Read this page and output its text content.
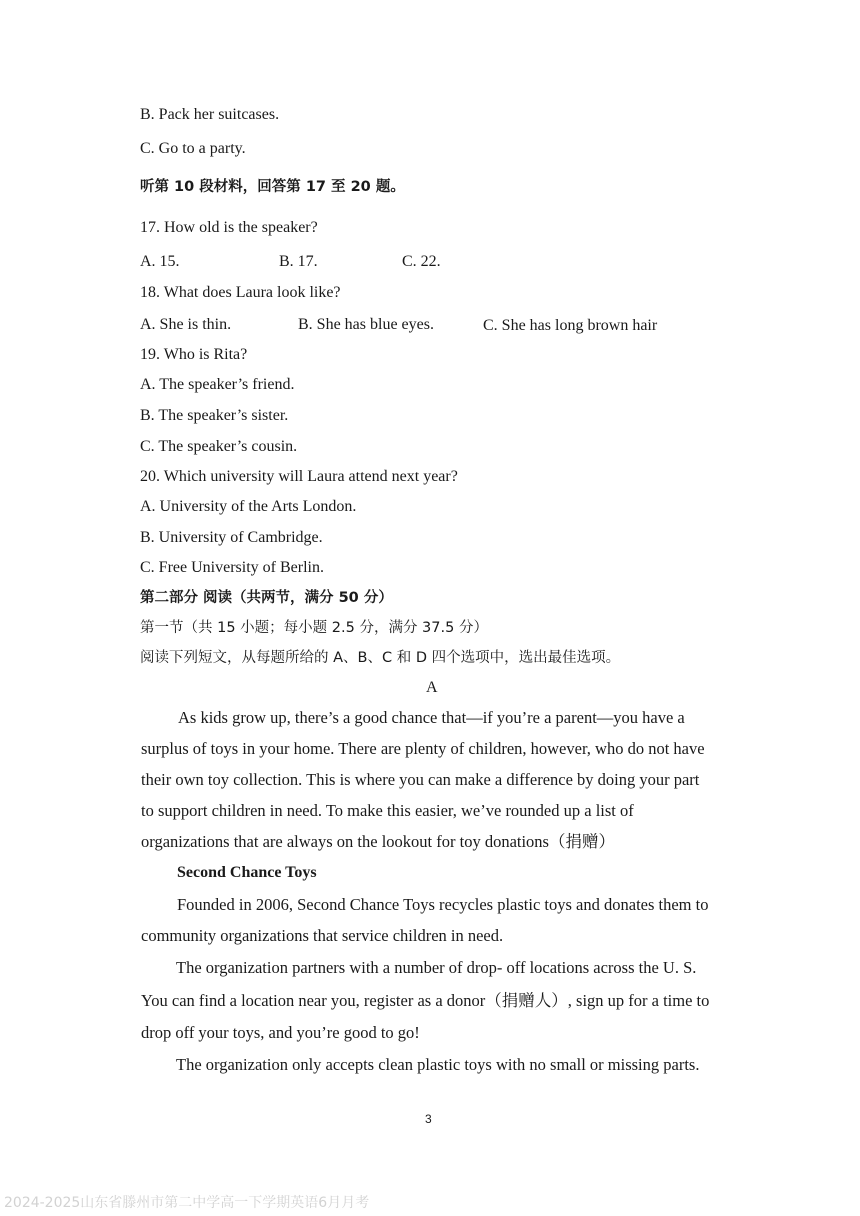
B. Pack her suitcases.
C. Go to a party.
听第 10 段材料，回答第 17 至 20 题。
17. How old is the speaker?
A. 15.	B. 17.	C. 22.
18. What does Laura look like?
A. She is thin.	B. She has blue eyes.	C. She has long brown hair
19. Who is Rita?
A. The speaker’s friend.
B. The speaker’s sister.
C. The speaker’s cousin.
20. Which university will Laura attend next year?
A. University of the Arts London.
B. University of Cambridge.
C. Free University of Berlin.
第二部分 阅读（共两节，满分 50 分）
第一节（共 15 小题；每小题 2.5 分，满分 37.5 分）
阅读下列短文，从每题所给的 A、B、C 和 D 四个选项中，选出最佳选项。
A
As kids grow up, there’s a good chance that—if you’re a parent—you have a
surplus of toys in your home. There are plenty of children, however, who do not have
their own toy collection. This is where you can make a difference by doing your part
to support children in need. To make this easier, we’ve rounded up a list of
organizations that are always on the lookout for toy donations（捐赠）
Second Chance Toys
Founded in 2006, Second Chance Toys recycles plastic toys and donates them to
community organizations that service children in need.
The organization partners with a number of drop- off locations across the U. S.
You can find a location near you, register as a donor（捐赠人）, sign up for a time to
drop off your toys, and you’re good to go!
The organization only accepts clean plastic toys with no small or missing parts.
3
2024-2025山东省滕州市第二中学高一下学期英语6月月考
